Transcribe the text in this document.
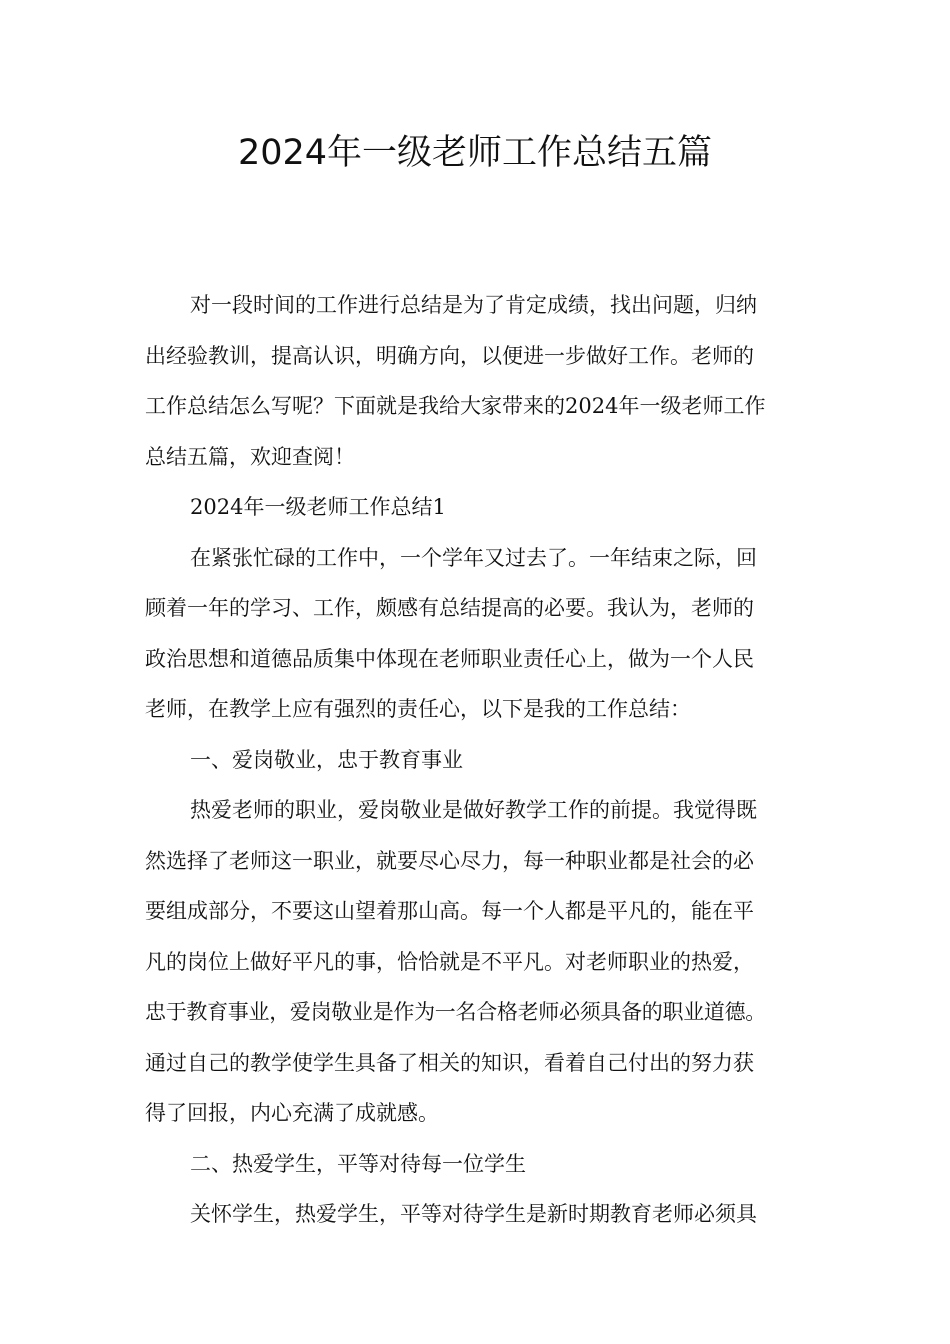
2024年一级老师工作总结五篇
对一段时间的工作进行总结是为了肯定成绩，找出问题，归纳
出经验教训，提高认识，明确方向，以便进一步做好工作。老师的
工作总结怎么写呢？下面就是我给大家带来的2024年一级老师工作
总结五篇，欢迎查阅！
2024年一级老师工作总结1
在紧张忙碌的工作中，一个学年又过去了。一年结束之际，回
顾着一年的学习、工作，颇感有总结提高的必要。我认为，老师的
政治思想和道德品质集中体现在老师职业责任心上，做为一个人民
老师，在教学上应有强烈的责任心，以下是我的工作总结：
一、爱岗敬业，忠于教育事业
热爱老师的职业，爱岗敬业是做好教学工作的前提。我觉得既
然选择了老师这一职业，就要尽心尽力，每一种职业都是社会的必
要组成部分，不要这山望着那山高。每一个人都是平凡的，能在平
凡的岗位上做好平凡的事，恰恰就是不平凡。对老师职业的热爱，
忠于教育事业，爱岗敬业是作为一名合格老师必须具备的职业道德。
通过自己的教学使学生具备了相关的知识，看着自己付出的努力获
得了回报，内心充满了成就感。
二、热爱学生，平等对待每一位学生
关怀学生，热爱学生，平等对待学生是新时期教育老师必须具
